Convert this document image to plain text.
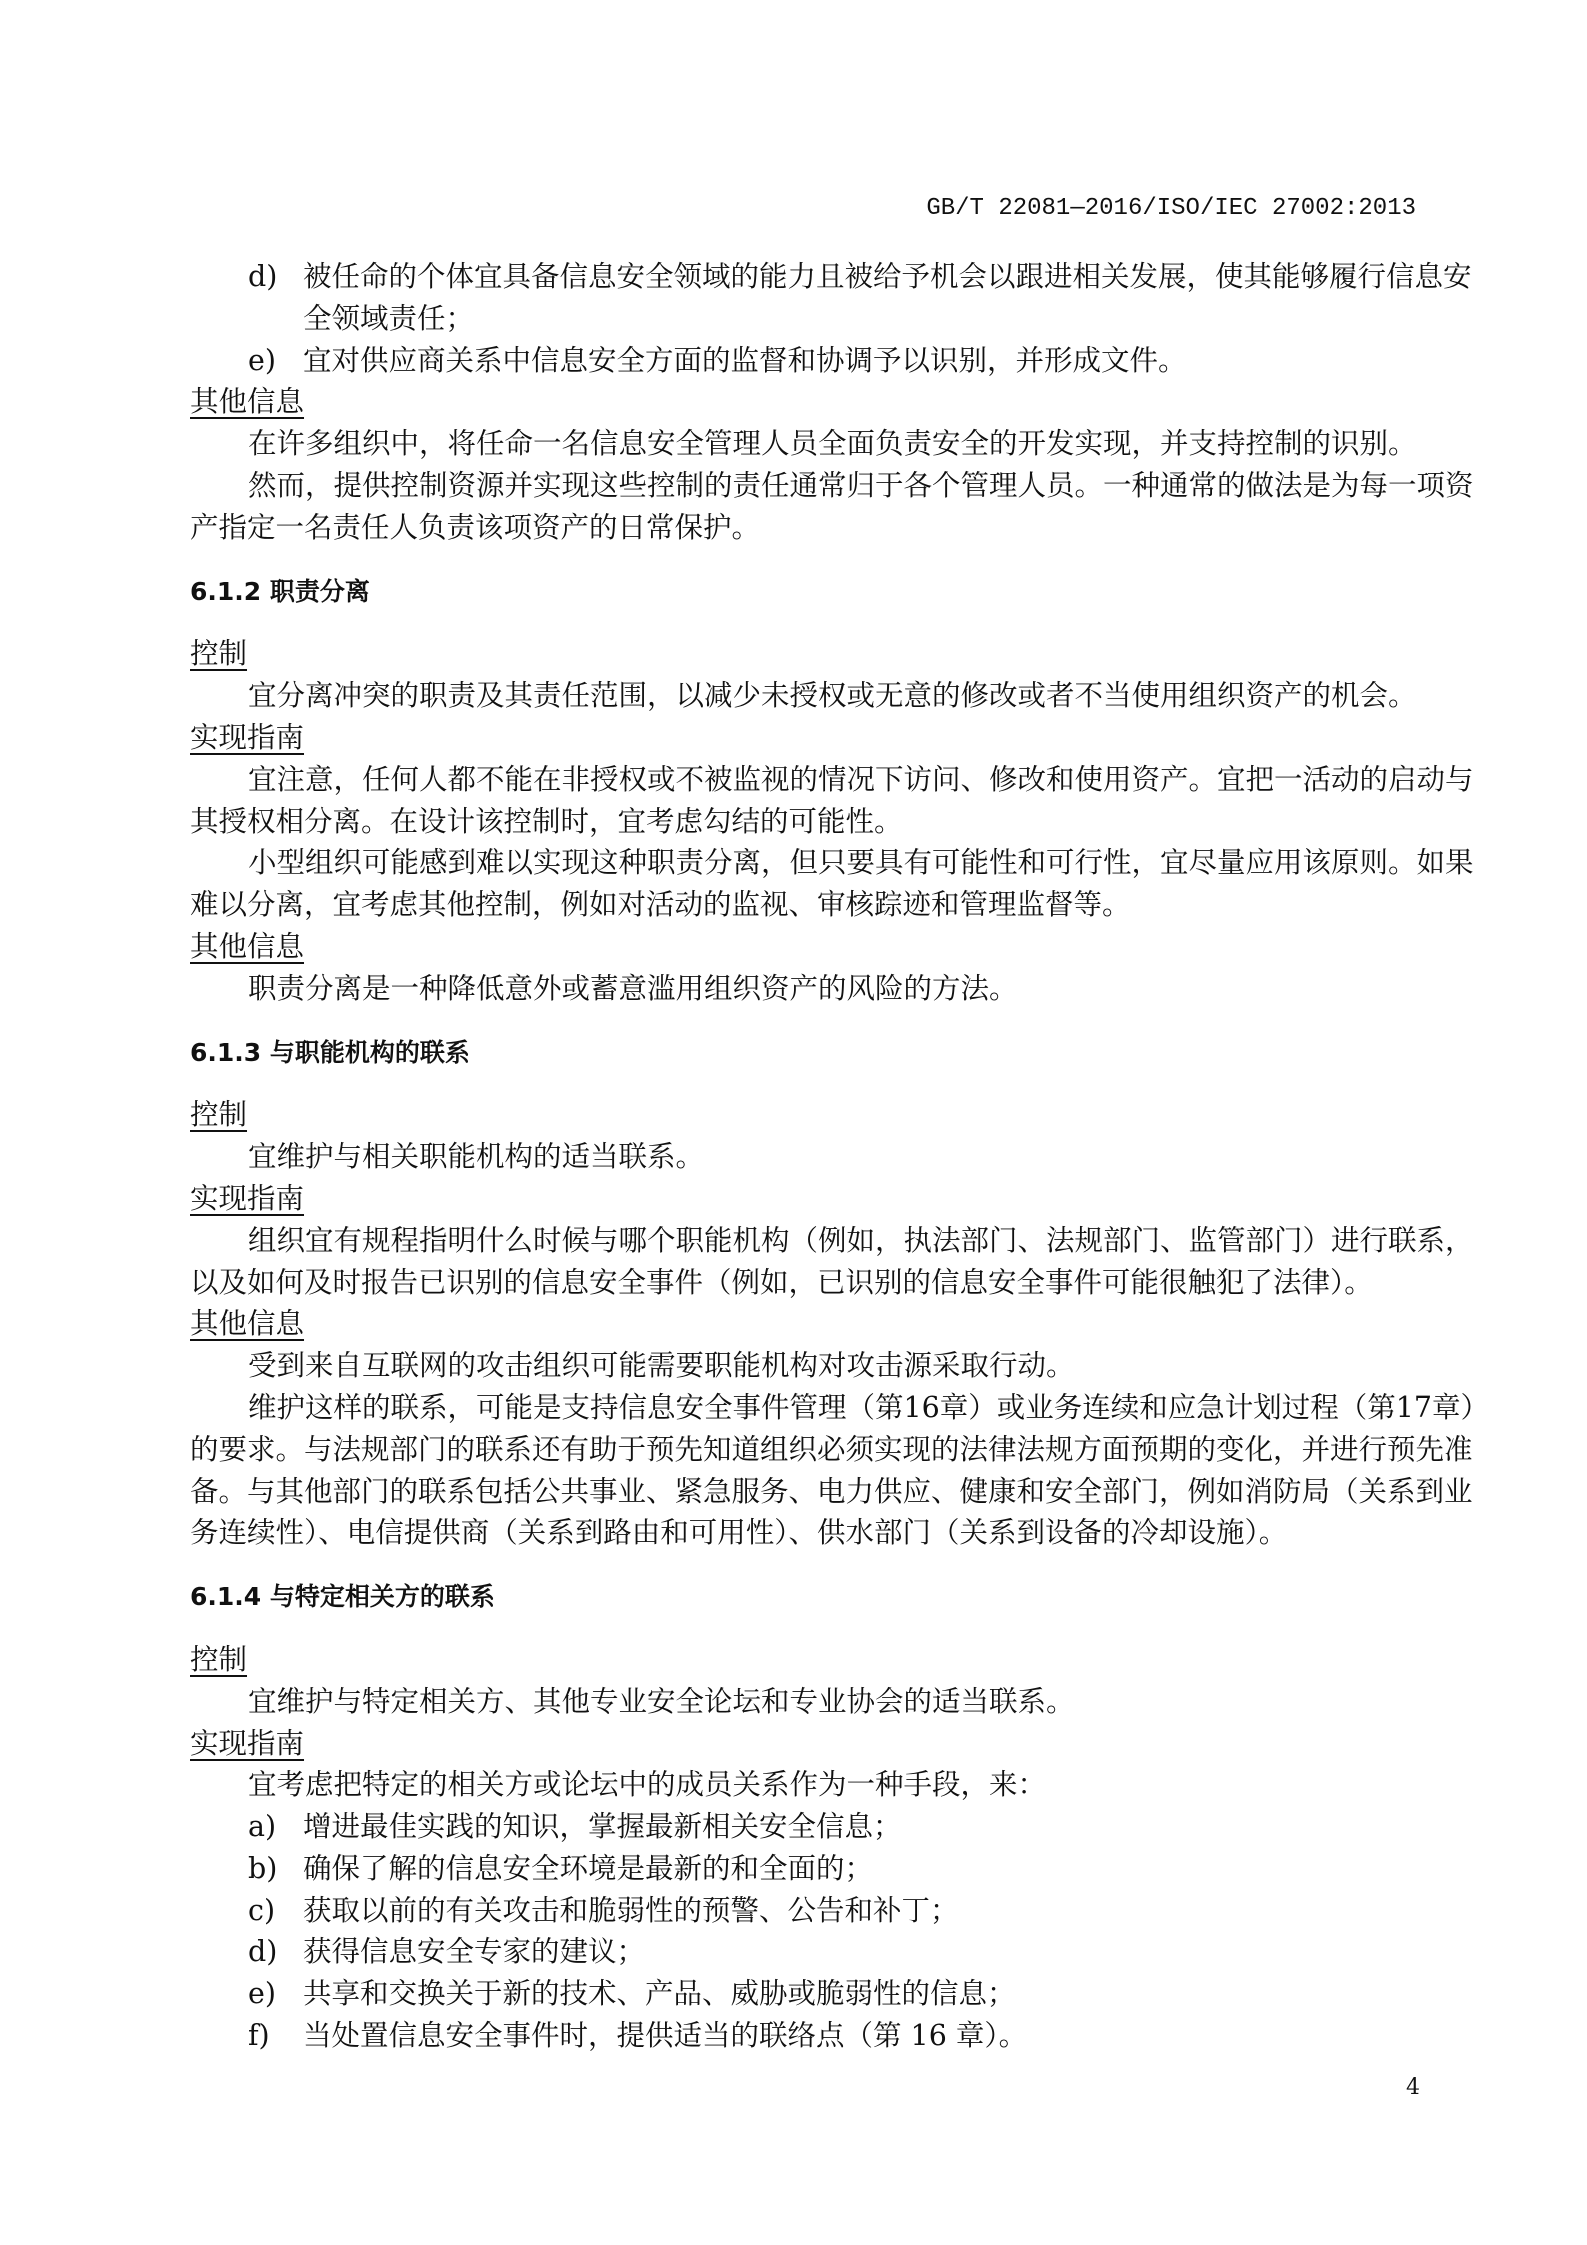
GB/T 22081—2016/ISO/IEC 27002:2013
d) 被任命的个体宜具备信息安全领域的能力且被给予机会以跟进相关发展，使其能够履行信息安
全领域责任；
e) 宜对供应商关系中信息安全方面的监督和协调予以识别，并形成文件。
其他信息
在许多组织中，将任命一名信息安全管理人员全面负责安全的开发实现，并支持控制的识别。
然而，提供控制资源并实现这些控制的责任通常归于各个管理人员。一种通常的做法是为每一项资
产指定一名责任人负责该项资产的日常保护。
6.1.2 职责分离
控制
宜分离冲突的职责及其责任范围，以减少未授权或无意的修改或者不当使用组织资产的机会。
实现指南
宜注意，任何人都不能在非授权或不被监视的情况下访问、修改和使用资产。宜把一活动的启动与
其授权相分离。在设计该控制时，宜考虑勾结的可能性。
小型组织可能感到难以实现这种职责分离，但只要具有可能性和可行性，宜尽量应用该原则。如果
难以分离，宜考虑其他控制，例如对活动的监视、审核踪迹和管理监督等。
其他信息
职责分离是一种降低意外或蓄意滥用组织资产的风险的方法。
6.1.3 与职能机构的联系
控制
宜维护与相关职能机构的适当联系。
实现指南
组织宜有规程指明什么时候与哪个职能机构（例如，执法部门、法规部门、监管部门）进行联系，
以及如何及时报告已识别的信息安全事件（例如，已识别的信息安全事件可能很触犯了法律）。
其他信息
受到来自互联网的攻击组织可能需要职能机构对攻击源采取行动。
维护这样的联系，可能是支持信息安全事件管理（第16章）或业务连续和应急计划过程（第17章）
的要求。与法规部门的联系还有助于预先知道组织必须实现的法律法规方面预期的变化，并进行预先准
备。与其他部门的联系包括公共事业、紧急服务、电力供应、健康和安全部门，例如消防局（关系到业
务连续性）、电信提供商（关系到路由和可用性）、供水部门（关系到设备的冷却设施）。
6.1.4 与特定相关方的联系
控制
宜维护与特定相关方、其他专业安全论坛和专业协会的适当联系。
实现指南
宜考虑把特定的相关方或论坛中的成员关系作为一种手段，来：
a) 增进最佳实践的知识，掌握最新相关安全信息；
b) 确保了解的信息安全环境是最新的和全面的；
c) 获取以前的有关攻击和脆弱性的预警、公告和补丁；
d) 获得信息安全专家的建议；
e) 共享和交换关于新的技术、产品、威胁或脆弱性的信息；
f) 当处置信息安全事件时，提供适当的联络点（第 16 章）。
4
